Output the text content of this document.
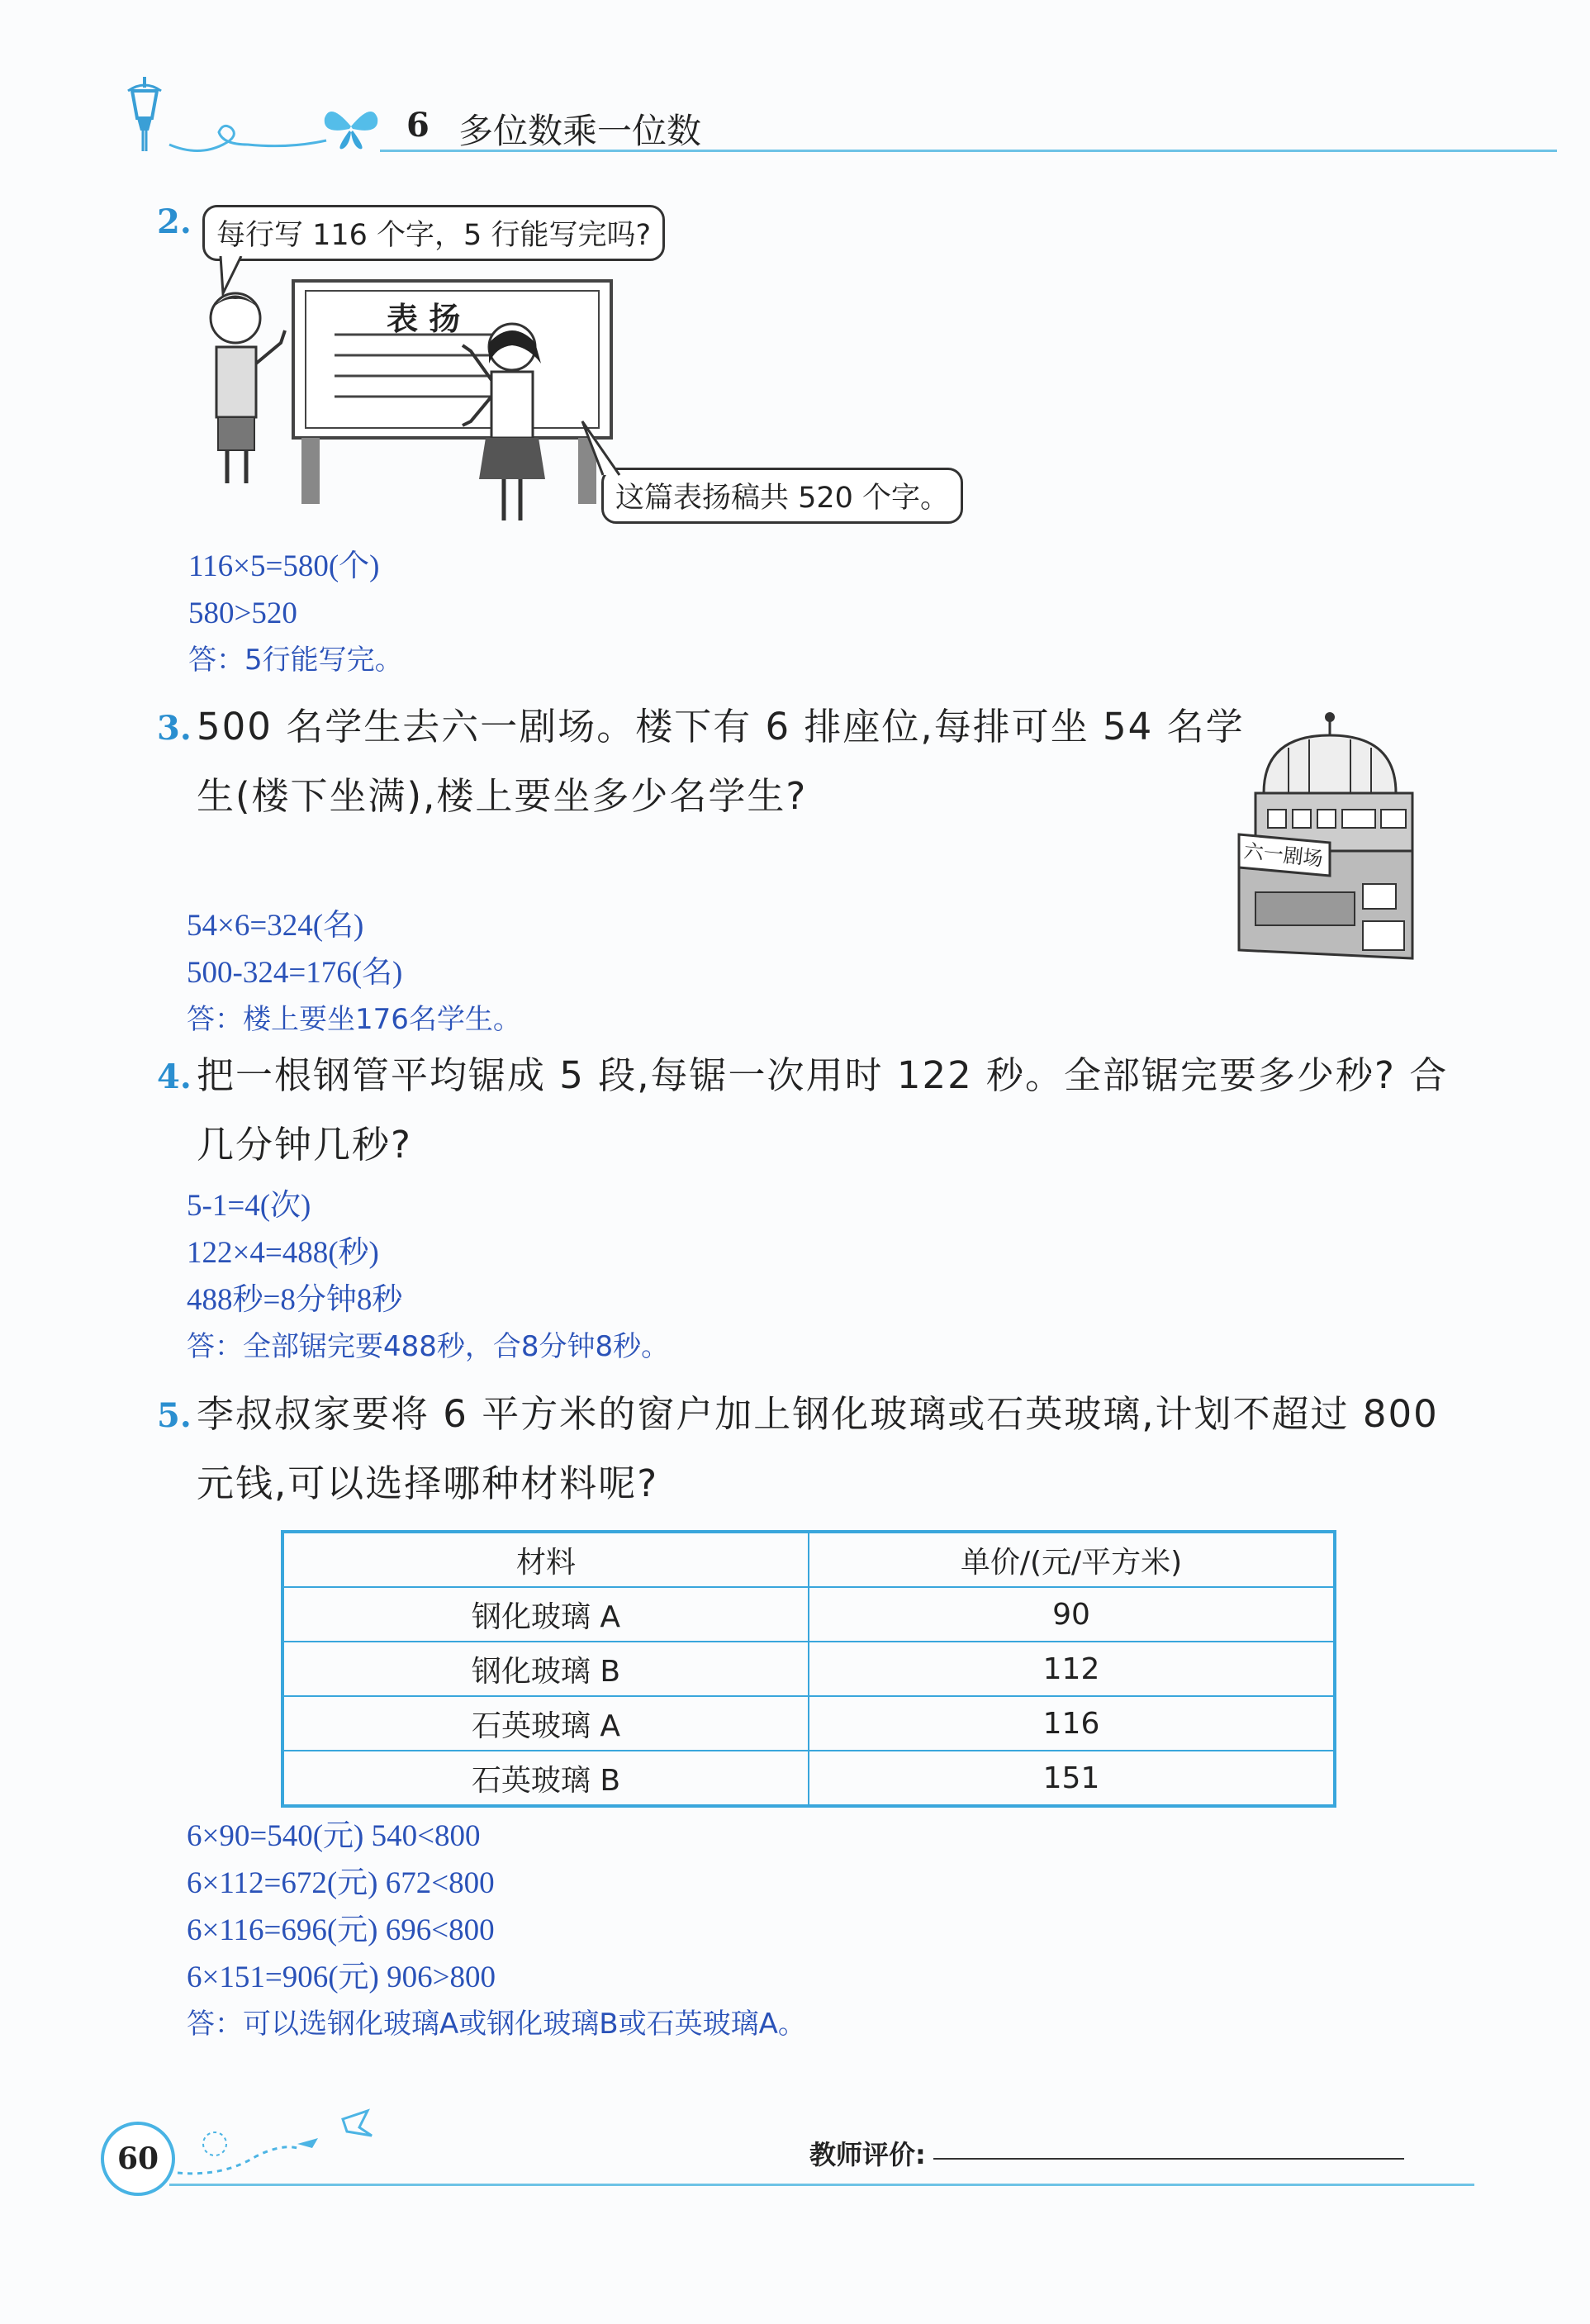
6 多位数乘一位数
2. 每行写 116 个字，5 行能写完吗?
表 扬
这篇表扬稿共 520 个字。
116×5=580(个)
580>520
答：5行能写完。
3. 500 名学生去六一剧场。楼下有 6 排座位,每排可坐 54 名学
生(楼下坐满),楼上要坐多少名学生?
六一剧场
54×6=324(名)
500-324=176(名)
答：楼上要坐176名学生。
4. 把一根钢管平均锯成 5 段,每锯一次用时 122 秒。全部锯完要多少秒? 合
几分钟几秒?
5-1=4(次)
122×4=488(秒)
488秒=8分钟8秒
答：全部锯完要488秒，合8分钟8秒。
5. 李叔叔家要将 6 平方米的窗户加上钢化玻璃或石英玻璃,计划不超过 800
元钱,可以选择哪种材料呢?
材料	单价/(元/平方米)
钢化玻璃 A	90
钢化玻璃 B	112
石英玻璃 A	116
石英玻璃 B	151
6×90=540(元) 540<800
6×112=672(元) 672<800
6×116=696(元) 696<800
6×151=906(元) 906>800
答：可以选钢化玻璃A或钢化玻璃B或石英玻璃A。
60	教师评价:
